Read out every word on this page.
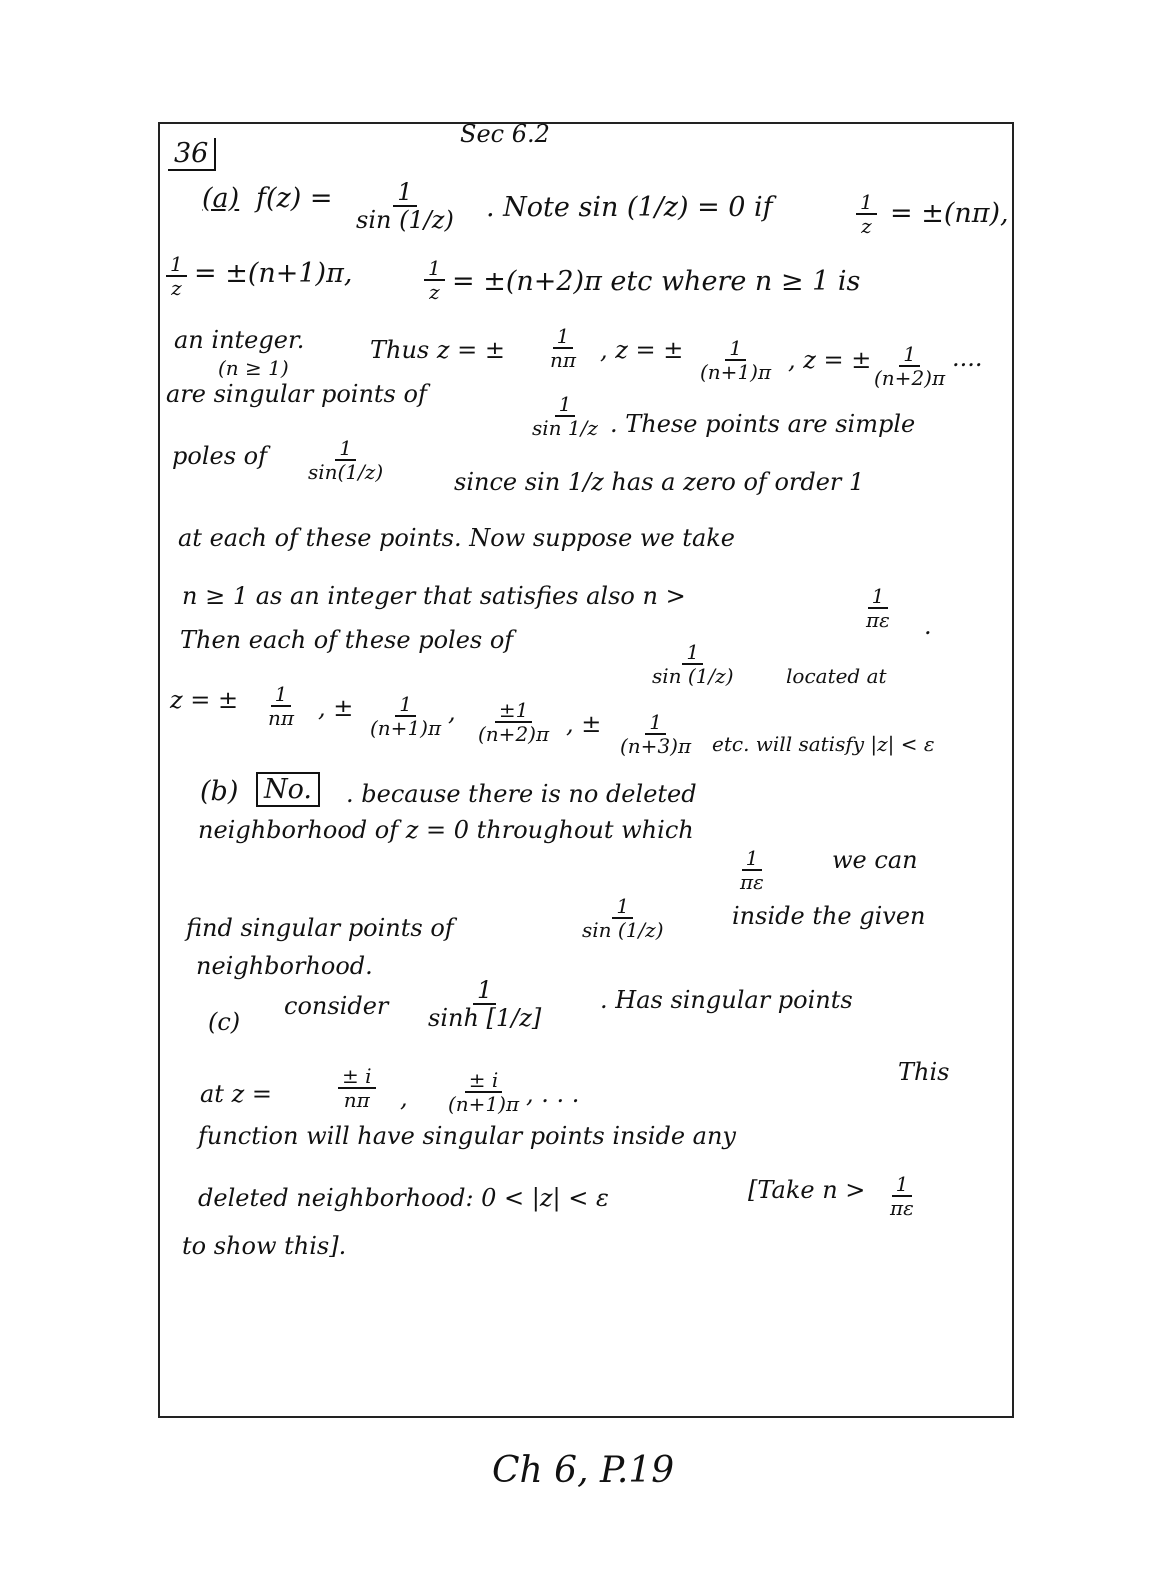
36
Sec 6.2
(a) $f(z) = \frac{1}{\sin (1/z)}$ . Note sin (1/z) = 0 if	$\frac{1}{z} = \pm(n\pi)$,
$\frac{1}{z} = \pm(n+1)\pi$,	$\frac{1}{z} = \pm(n+2)\pi$ etc where n ≥ 1 is
an integer.
(n ≥ 1)
Thus z = ± $\frac{1}{n\pi}$ , z = ± $\frac{1}{(n+1)\pi}$ , z = ±
$\frac{1}{(n+2)\pi}$ ....
are singular points of	$\frac{1}{\sin 1/z}$ . These points are simple
poles of $\frac{1}{\sin(1/z)}$	since sin 1/z has a zero of order 1
at each of these points. Now suppose we take
n ≥ 1 as an integer that satisfies also n >	$\frac{1}{\pi\varepsilon}$ .
Then each of these poles of
$\frac{1}{\sin (1/z)}$ located at
z = ± $\frac{1}{n\pi}$ , ± $\frac{1}{(n+1)\pi}$ , $\frac{\pm 1}{(n+2)\pi}$ , ± $\frac{1}{(n+3)\pi}$ etc. will satisfy |z| < ε
(b) No.	. because there is no deleted
neighborhood of z = 0 throughout which
$\frac{1}{\pi\varepsilon}$	we can
find singular points of	$\frac{1}{\sin (1/z)}$	inside the given
neighborhood.
(c)
consider $\frac{1}{\sinh [1/z]}$ . Has singular points
at z =	$\frac{\pm i}{n\pi}$ , $\frac{\pm i}{(n+1)\pi}$ , . . .
This
function will have singular points inside any
deleted neighborhood: 0 < |z| < ε	[Take $n > \frac{1}{\pi\varepsilon}$
to show this].
Ch 6, P.19
